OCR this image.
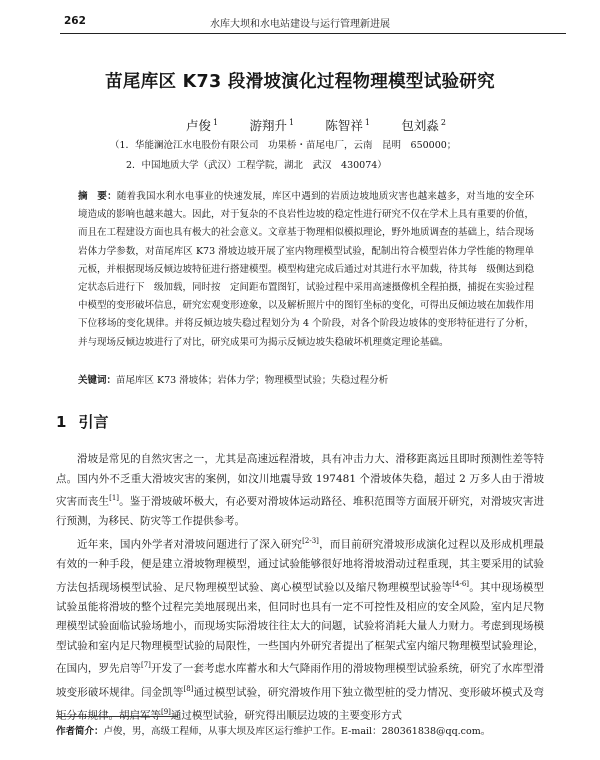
262	水库大坝和水电站建设与运行管理新进展
苗尾库区 K73 段滑坡演化过程物理模型试验研究
卢俊 $^1$	游翔升 $^1$	陈智祥 $^1$	包刘淼 $^2$
（1．华能澜沧江水电股份有限公司　功果桥・苗尾电厂，云南　昆明　650000；
2．中国地质大学（武汉）工程学院，湖北　武汉　430074）
摘　要：随着我国水利水电事业的快速发展，库区中遇到的岩质边坡地质灾害也越来越多，对当地的安全环境造成的影响也越来越大。因此，对于复杂的不良岩性边坡的稳定性进行研究不仅在学术上具有重要的价值，而且在工程建设方面也具有极大的社会意义。文章基于物理相似模拟理论，野外地质调查的基础上，结合现场岩体力学参数，对苗尾库区 K73 滑坡边坡开展了室内物理模型试验，配制出符合模型岩体力学性能的物理单元板，并根据现场反倾边坡特征进行搭建模型。模型构建完成后通过对其进行水平加载，待其每　级侧达到稳定状态后进行下　级加载，同时按　定间距布置图钉，试验过程中采用高速摄像机全程拍摄，捕捉在实验过程中模型的变形破坏信息，研究宏观变形迹象，以及解析照片中的图钉坐标的变化，可得出反倾边坡在加载作用下位移场的变化规律。并将反倾边坡失稳过程划分为 4 个阶段，对各个阶段边坡体的变形特征进行了分析，并与现场反倾边坡进行了对比，研究成果可为揭示反倾边坡失稳破坏机理奠定理论基础。
关键词：苗尾库区 K73 滑坡体；岩体力学；物理模型试验；失稳过程分析
1 引言

滑坡是常见的自然灾害之一，尤其是高速远程滑坡，具有冲击力大、滑移距离远且即时预测性差等特点。国内外不乏重大滑坡灾害的案例，如汶川地震导致 197481 个滑坡体失稳，超过 2 万多人由于滑坡灾害而丧生[1]。鉴于滑坡破坏极大，有必要对滑坡体运动路径、堆积范围等方面展开研究，对滑坡灾害进行预测，为移民、防灾等工作提供参考。

近年来，国内外学者对滑坡问题进行了深入研究[2-3]，而目前研究滑坡形成演化过程以及形成机理最有效的一种手段，便是建立滑坡物理模型，通过试验能够很好地将滑坡滑动过程重现，其主要采用的试验方法包括现场模型试验、足尺物理模型试验、离心模型试验以及缩尺物理模型试验等[4-6]。其中现场模型试验虽能将滑坡的整个过程完美地展现出来，但同时也具有一定不可控性及相应的安全风险，室内足尺物理模型试验面临试验场地小，而现场实际滑坡往往太大的问题，试验将消耗大量人力财力。考虑到现场模型试验和室内足尺物理模型试验的局限性，一些国内外研究者提出了框架式室内缩尺物理模型试验理论，在国内，罗先启等[7]开发了一套考虑水库蓄水和大气降雨作用的滑坡物理模型试验系统，研究了水库型滑坡变形破坏规律。闫金凯等[8]通过模型试验，研究滑坡作用下独立微型桩的受力情况、变形破坏模式及弯矩分布规律。胡启军等[9]通过模型试验，研究得出顺层边坡的主要变形方式

作者简介：卢俊，男，高级工程师，从事大坝及库区运行维护工作。E-mail：280361838@qq.com。
